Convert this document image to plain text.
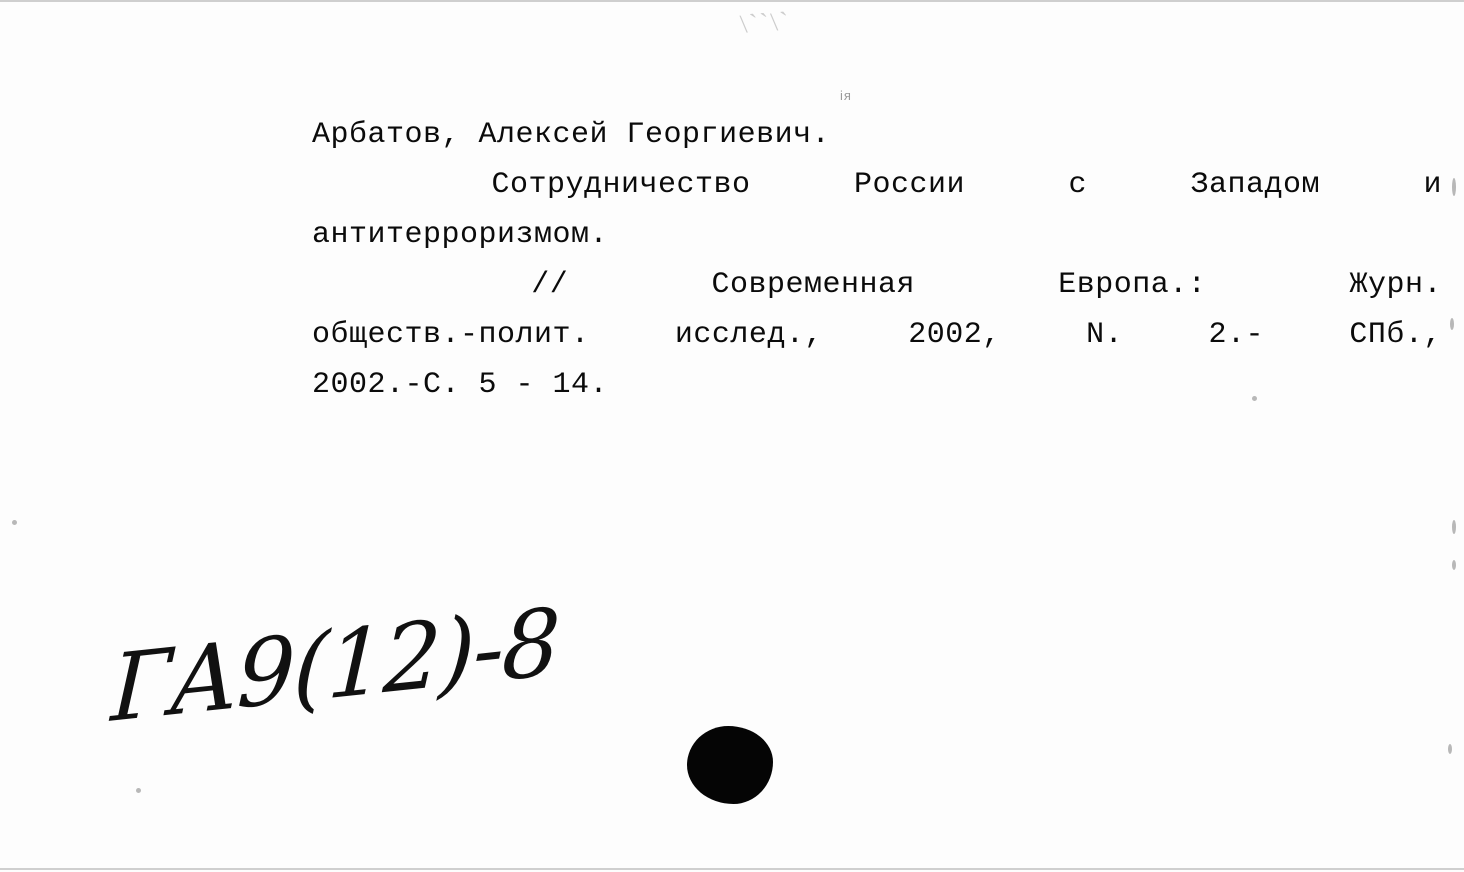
\``\`
ія
Арбатов, Алексей Георгиевич.
Сотрудничество	России	с	Западом	и
антитерроризмом.
//	Современная	Европа.:	Журн.
обществ.-полит.	исслед.,	2002,	N.	2.-	СПб.,
2002.-С. 5 - 14.
ГА9(12)-8
